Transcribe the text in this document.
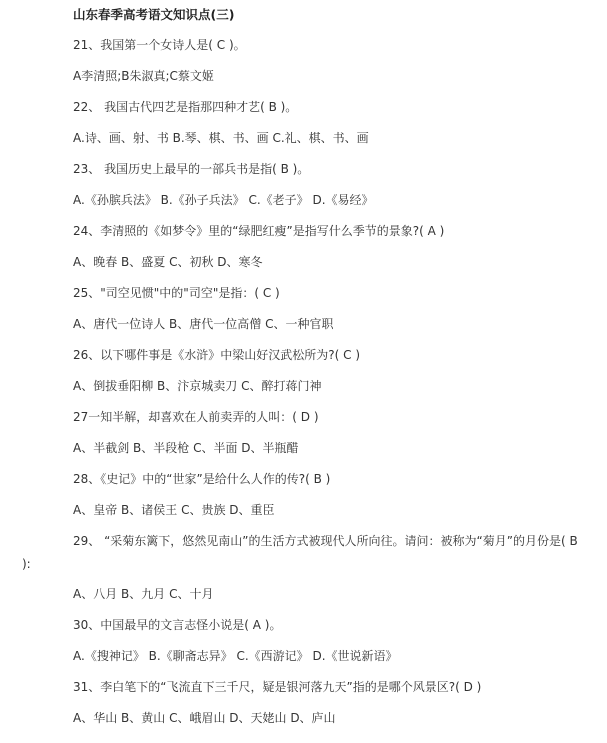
山东春季高考语文知识点(三)
21、我国第一个女诗人是( C )。
A李清照;B朱淑真;C蔡文姬
22、 我国古代四艺是指那四种才艺( B )。
A.诗、画、射、书 B.琴、棋、书、画 C.礼、棋、书、画
23、 我国历史上最早的一部兵书是指( B )。
A.《孙膑兵法》 B.《孙子兵法》 C.《老子》 D.《易经》
24、李清照的《如梦令》里的“绿肥红瘦”是指写什么季节的景象?( A )
A、晚春 B、盛夏 C、初秋 D、寒冬
25、"司空见惯"中的"司空"是指：( C )
A、唐代一位诗人 B、唐代一位高僧 C、一种官职
26、以下哪件事是《水浒》中梁山好汉武松所为?( C )
A、倒拔垂阳柳 B、汴京城卖刀 C、醉打蒋门神
27一知半解，却喜欢在人前卖弄的人叫：( D )
A、半截剑 B、半段枪 C、半面 D、半瓶醋
28、《史记》中的“世家”是给什么人作的传?( B )
A、皇帝 B、诸侯王 C、贵族 D、重臣
29、 “采菊东篱下，悠然见南山”的生活方式被现代人所向往。请问：被称为“菊月”的月份是( B
):
A、八月 B、九月 C、十月
30、中国最早的文言志怪小说是( A )。
A.《搜神记》 B.《聊斋志异》 C.《西游记》 D.《世说新语》
31、李白笔下的“飞流直下三千尺，疑是银河落九天”指的是哪个风景区?( D )
A、华山 B、黄山 C、峨眉山 D、天姥山 D、庐山
